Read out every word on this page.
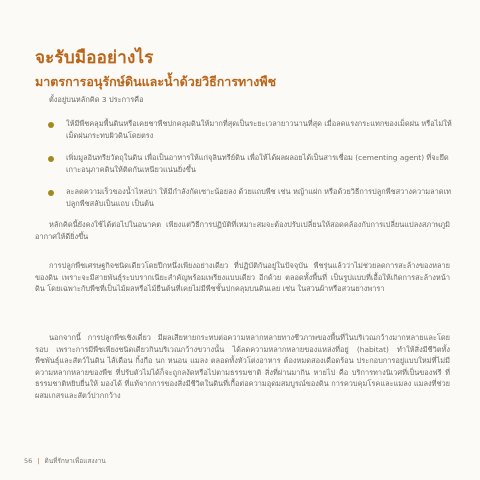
จะรับมืออย่างไร
มาตรการอนุรักษ์ดินและน้ำด้วยวิธีการทางพืช
ตั้งอยู่บนหลักคิด 3 ประการคือ
ให้มีพืชคลุมพื้นดินหรือเคยชาพืชปกคลุมดินให้มากที่สุดเป็นระยะเวลายาวนานที่สุด เมื่อลดแรงกระแทกของเม็ดฝน หรือไม่ให้เม็ดฝนกระทบผิวดินโดยตรง
เพิ่มมูลอินทรียวัตถุในดิน เพื่อเป็นอาหารให้แก่จุลินทรีย์ดิน เพื่อให้ได้ผลผลอยได้เป็นสารเชื่อม (cementing agent) ที่จะยึดเกาะอนุภาคดินให้ติดกันเหนียวแน่นยิ่งขึ้น
ละลดความเร็วของน้ำไหลบ่า ให้มีกำลังกัดเซาะน้อยลง ด้วยแถบพืช เช่น หญ้าแฝก หรือด้วยวิธีการปลูกพืชสวางความลาดเท ปลูกพืชสลับเป็นแถบ เป็นต้น
หลักคิดนี้ยังคงใช้ได้ต่อไปในอนาคต เพียงแต่วิธีการปฏิบัติที่เหมาะสมจะต้องปรับเปลี่ยนให้สอดคล้องกับการเปลี่ยนแปลงสภาพภูมิอากาศให้ดียิ่งขึ้น
การปลูกพืชเศรษฐกิจชนิดเดียวโดยปีกหนึ่งเพียงอย่างเดียว ที่ปฏิบัติกันอยู่ในปัจจุบัน พืชรุ่นแล้วว่าไม่ช่วยลดการสะล้างของหลายของดิน เพราะจะมีสายพันธุ์ระบบรากเนียะสำคัญพร้อมเพรียงแบบเดียว อีกด้วย ตลอดทั้งพื้นที่ เป็นรูปแบบที่เอื้อให้เกิดการสะล้างหน้าดิน โดยเฉพาะกับพืชที่เป็นไม้ผลหรือไม้ยืนต้นที่เคยไม่มีพืชชั้นปกคลุมบนดินเลย เช่น ในสวนผ้าหรือสวนยางพารา
นอกจากนี้ การปลูกพืชเชิงเดี่ยว มีผลเสียหายกระทบต่อความหลากหลายทางชีวภาพของพื้นที่ในบริเวณกว้างมากหลายและโดยรอบ เพราะการมีพืชเพียงชนิดเดียวกินบริเวณกว้างขวางนั้น ได้ลดความหลากหลายของแหล่งที่อยู่ (habitat) ทำให้สิ่งมีชีวิตทั้งพืชพันธุ์และสัตว์ในดิน ไส้เดือน กิ้งกือ นก หนอน แมลง ตลอดทั้งหัวโต่งอาหาร ต้องหมดสองเดือดร้อน ประกอบการอยู่แบบใหม่ที่ไม่มีความหลากหลายของพืช ที่ปรับตัวไม่ได้ก็จะถูกลงัดหรือไปตามธรรมชาติ สิ่งที่ผ่านมากิน หายไป คือ บริการทางนิเวศที่เป็นของฟรี ที่ธรรมชาติหยิบยื่นให้ มองได้ ที่แท้จากการของสิ่งมีชีวิตในดินที่เกื้อต่อความอุดมสมบูรณ์ของดิน การควบคุมโรคและแมลง แมลงที่ช่วยผสมเกสรและสัตว์ปากกว้าง
56 | ดินที่รักษาเพื่อแสงงาน
